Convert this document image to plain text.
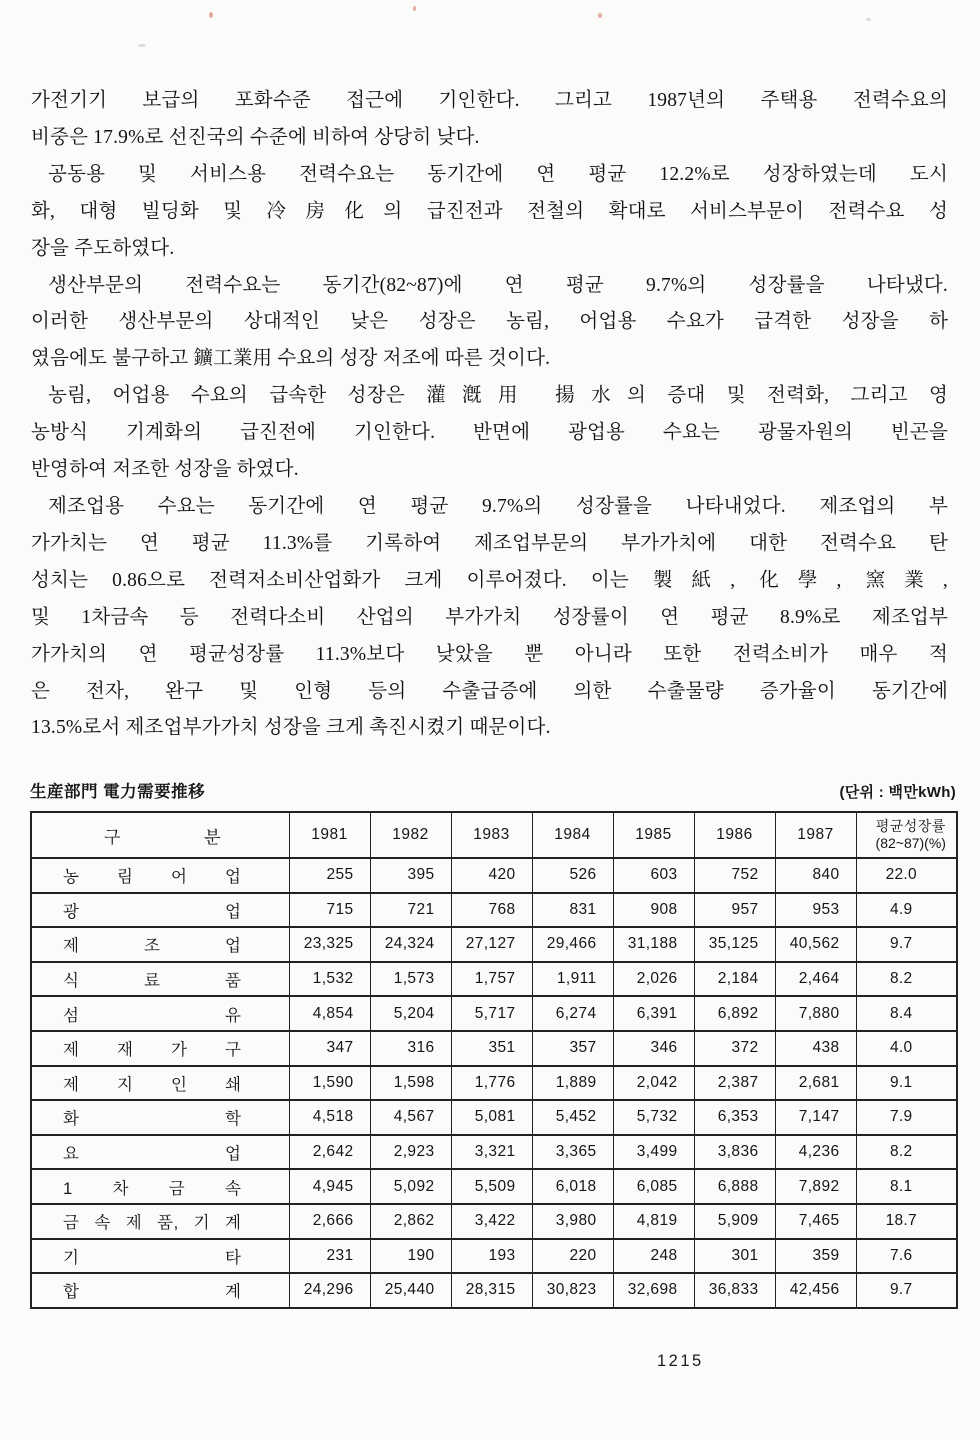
가전기기 보급의 포화수준 접근에 기인한다. 그리고 1987년의 주택용 전력수요의
비중은 17.9%로 선진국의 수준에 비하여 상당히 낮다.
공동용 및 서비스용 전력수요는 동기간에 연 평균 12.2%로 성장하였는데 도시
화, 대형 빌딩화 및 冷房化의 급진전과 전철의 확대로 서비스부문이 전력수요 성
장을 주도하였다.
생산부문의 전력수요는 동기간(82~87)에 연 평균 9.7%의 성장률을 나타냈다.
이러한 생산부문의 상대적인 낮은 성장은 농림, 어업용 수요가 급격한 성장을 하
였음에도 불구하고 鑛工業用 수요의 성장 저조에 따른 것이다.
농림, 어업용 수요의 급속한 성장은 灌漑用 揚水의 증대 및 전력화, 그리고 영
농방식 기계화의 급진전에 기인한다. 반면에 광업용 수요는 광물자원의 빈곤을
반영하여 저조한 성장을 하였다.
제조업용 수요는 동기간에 연 평균 9.7%의 성장률을 나타내었다. 제조업의 부
가가치는 연 평균 11.3%를 기록하여 제조업부문의 부가가치에 대한 전력수요 탄
성치는 0.86으로 전력저소비산업화가 크게 이루어졌다. 이는 製紙, 化學, 窯業,
및 1차금속 등 전력다소비 산업의 부가가치 성장률이 연 평균 8.9%로 제조업부
가가치의 연 평균성장률 11.3%보다 낮았을 뿐 아니라 또한 전력소비가 매우 적
은 전자, 완구 및 인형 등의 수출급증에 의한 수출물량 증가율이 동기간에
13.5%로서 제조업부가가치 성장을 크게 촉진시켰기 때문이다.
生産部門 電力需要推移	(단위 : 백만kWh)
구 분	1981	1982	1983	1984	1985	1986	1987	평균성장률
(82~87)(%)

농 림 어 업	255	395	420	526	603	752	840	22.0
광 업	715	721	768	831	908	957	953	4.9
제 조 업	23,325	24,324	27,127	29,466	31,188	35,125	40,562	9.7
식 료 품	1,532	1,573	1,757	1,911	2,026	2,184	2,464	8.2
섬 유	4,854	5,204	5,717	6,274	6,391	6,892	7,880	8.4
제 재 가 구	347	316	351	357	346	372	438	4.0
제 지 인 쇄	1,590	1,598	1,776	1,889	2,042	2,387	2,681	9.1
화 학	4,518	4,567	5,081	5,452	5,732	6,353	7,147	7.9
요 업	2,642	2,923	3,321	3,365	3,499	3,836	4,236	8.2
1 차 금 속	4,945	5,092	5,509	6,018	6,085	6,888	7,892	8.1
금 속 제 품, 기 계	2,666	2,862	3,422	3,980	4,819	5,909	7,465	18.7
기 타	231	190	193	220	248	301	359	7.6
합 계	24,296	25,440	28,315	30,823	32,698	36,833	42,456	9.7
1215
